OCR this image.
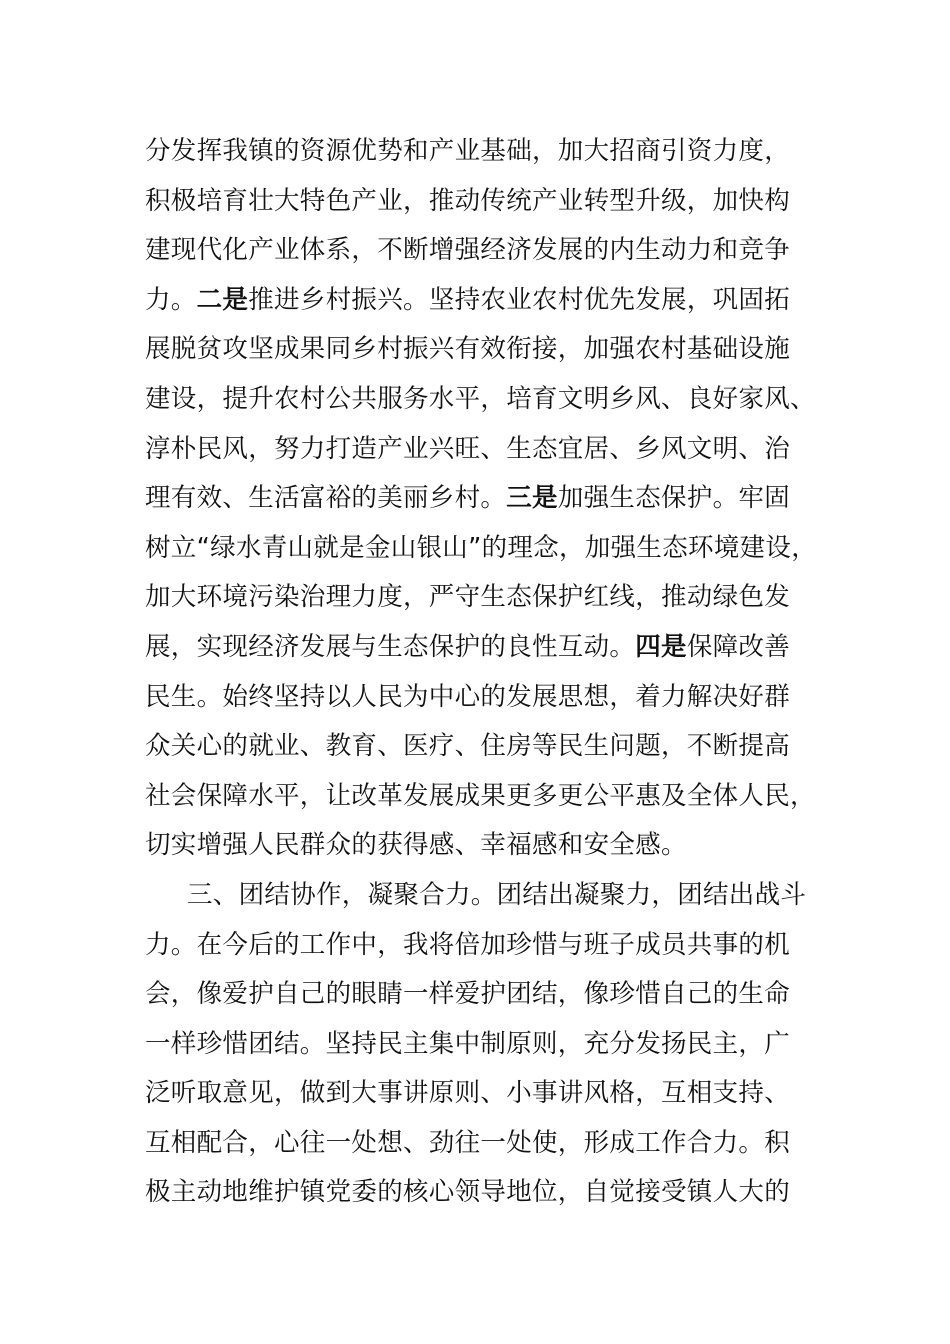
分发挥我镇的资源优势和产业基础，加大招商引资力度，
积极培育壮大特色产业，推动传统产业转型升级，加快构
建现代化产业体系，不断增强经济发展的内生动力和竞争
力。二是推进乡村振兴。坚持农业农村优先发展，巩固拓
展脱贫攻坚成果同乡村振兴有效衔接，加强农村基础设施
建设，提升农村公共服务水平，培育文明乡风、良好家风、
淳朴民风，努力打造产业兴旺、生态宜居、乡风文明、治
理有效、生活富裕的美丽乡村。三是加强生态保护。牢固
树立“绿水青山就是金山银山”的理念，加强生态环境建设，
加大环境污染治理力度，严守生态保护红线，推动绿色发
展，实现经济发展与生态保护的良性互动。四是保障改善
民生。始终坚持以人民为中心的发展思想，着力解决好群
众关心的就业、教育、医疗、住房等民生问题，不断提高
社会保障水平，让改革发展成果更多更公平惠及全体人民，
切实增强人民群众的获得感、幸福感和安全感。
三、团结协作，凝聚合力。团结出凝聚力，团结出战斗
力。在今后的工作中，我将倍加珍惜与班子成员共事的机
会，像爱护自己的眼睛一样爱护团结，像珍惜自己的生命
一样珍惜团结。坚持民主集中制原则，充分发扬民主，广
泛听取意见，做到大事讲原则、小事讲风格，互相支持、
互相配合，心往一处想、劲往一处使，形成工作合力。积
极主动地维护镇党委的核心领导地位，自觉接受镇人大的
